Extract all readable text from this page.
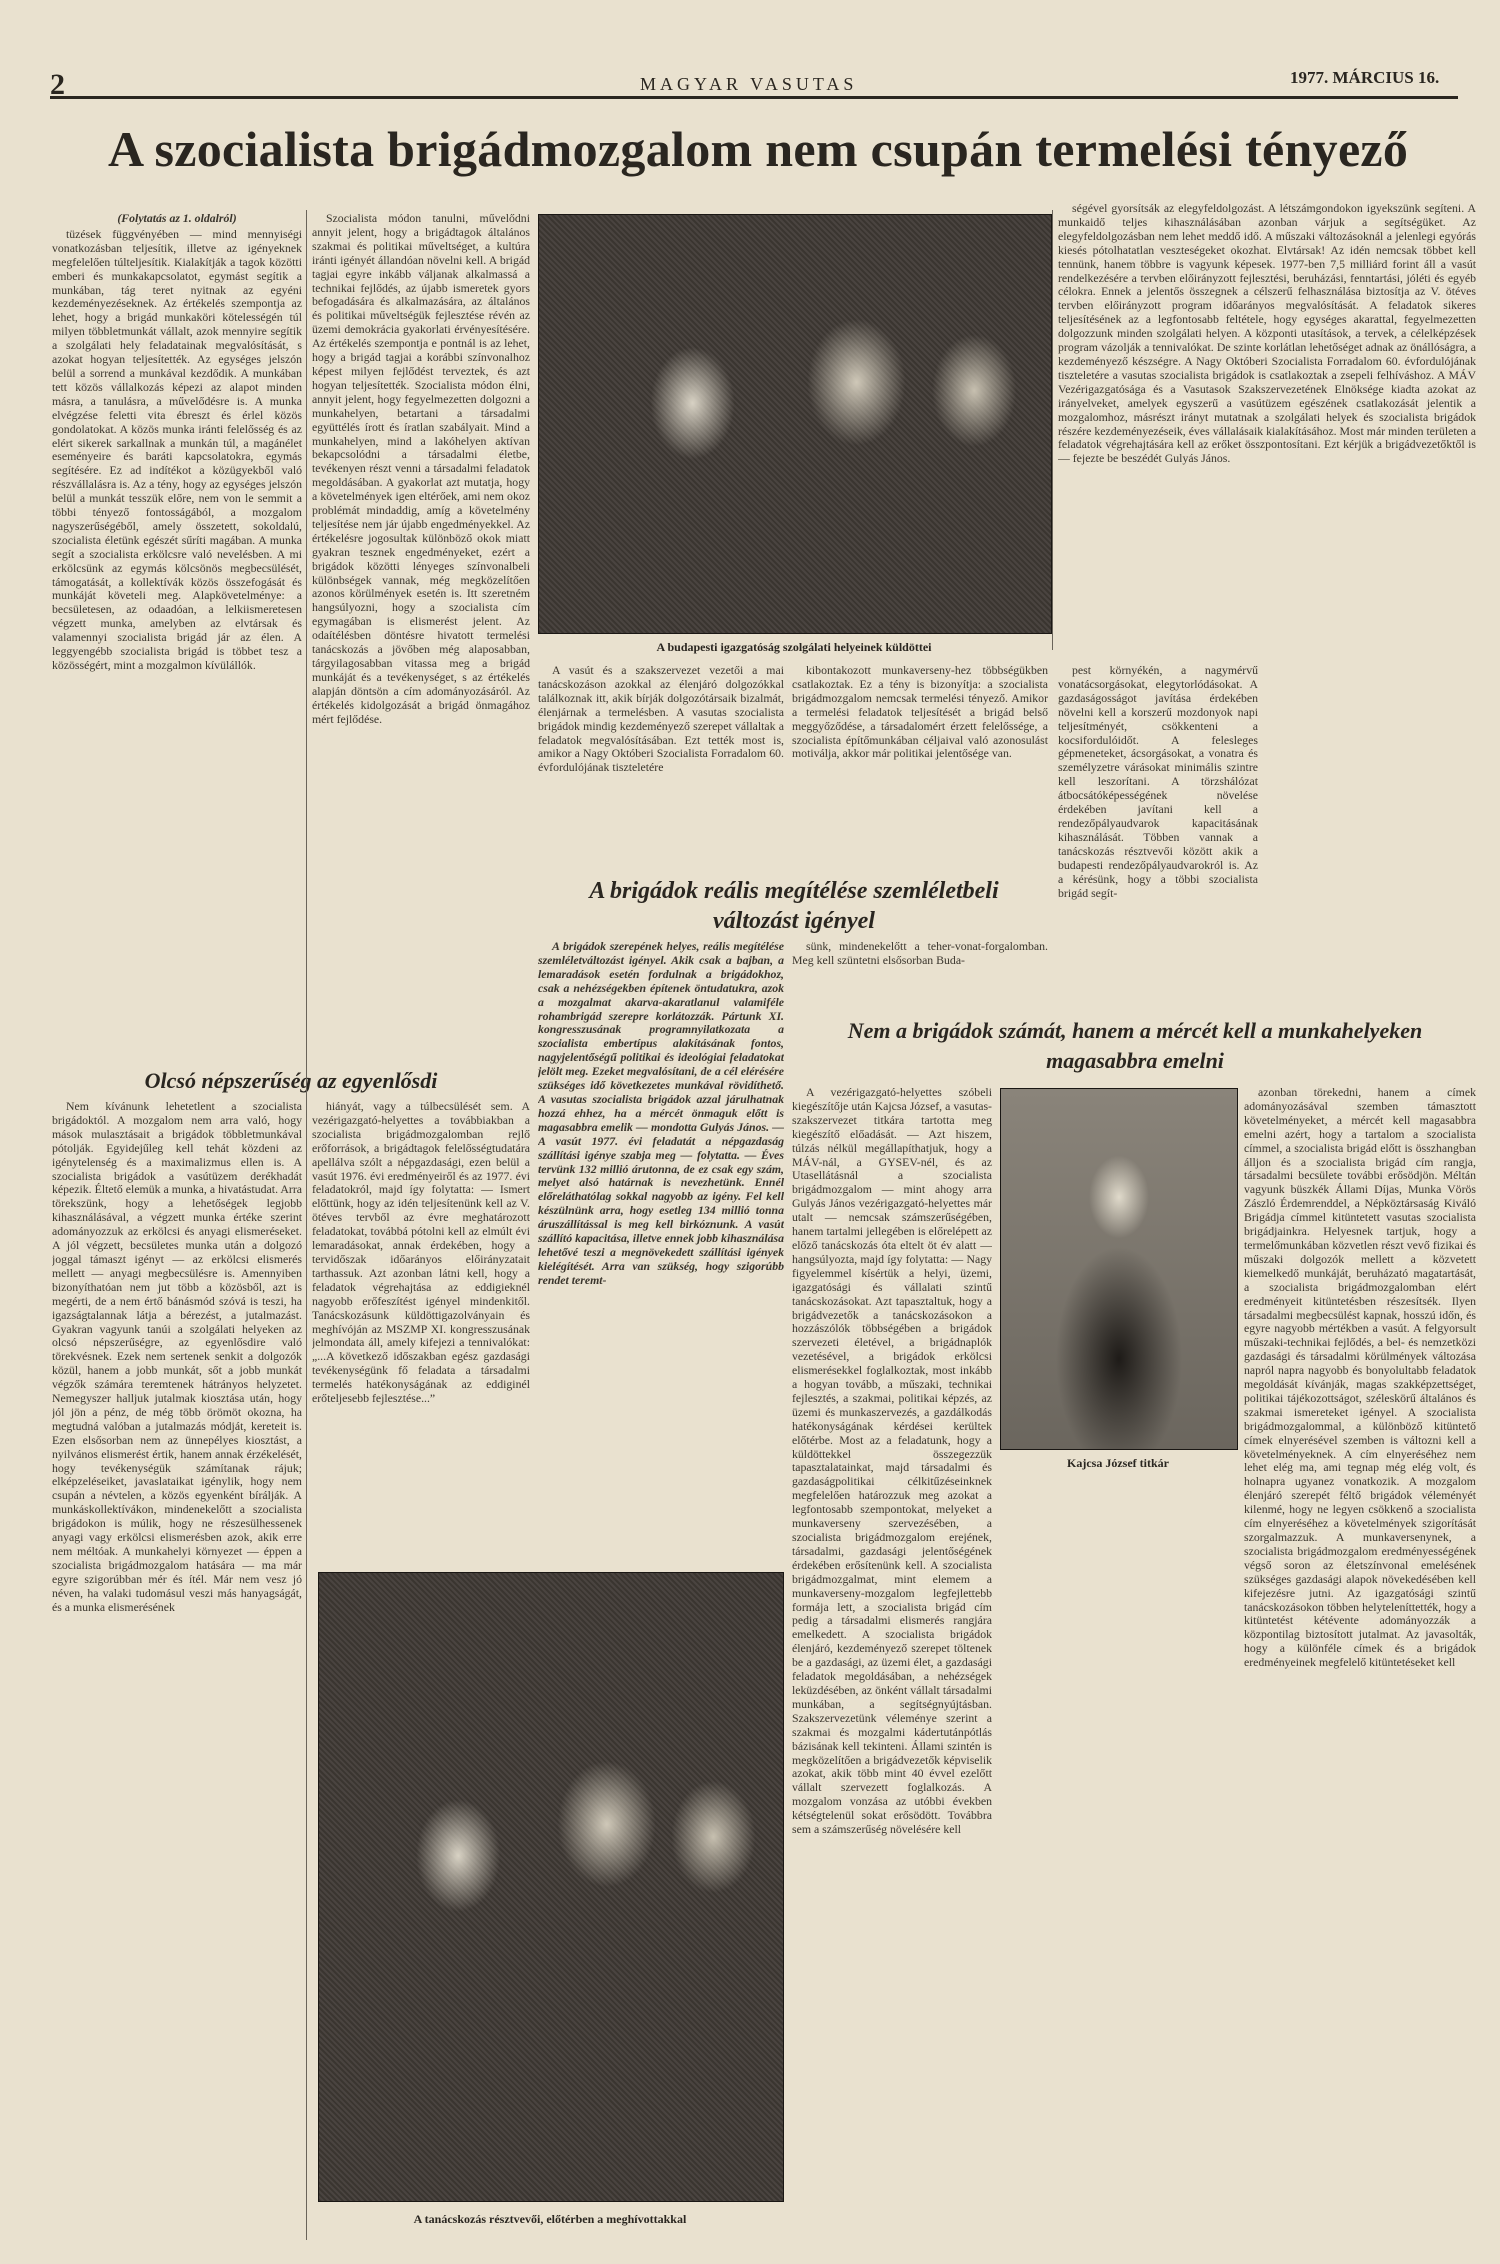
2	MAGYAR VASUTAS	1977. MÁRCIUS 16.
A szocialista brigádmozgalom nem csupán termelési tényező
(Folytatás az 1. oldalról)

tüzések függvényében — mind mennyiségi vonatkozásban teljesítik, illetve az igényeknek megfelelően túlteljesítik. Kialakítják a tagok közötti emberi és munkakapcsolatot, egymást segítik a munkában, tág teret nyitnak az egyéni kezdeményezéseknek. Az értékelés szempontja az lehet, hogy a brigád munkaköri kötelességén túl milyen többletmunkát vállalt, azok mennyire segítik a szolgálati hely feladatainak megvalósítását, s azokat hogyan teljesítették. Az egységes jelszón belül a sorrend a munkával kezdődik. A munkában tett közös vállalkozás képezi az alapot minden másra, a tanulásra, a művelődésre is. A munka elvégzése feletti vita ébreszt és érlel közös gondolatokat. A közös munka iránti felelősség és az elért sikerek sarkallnak a munkán túl, a magánélet eseményeire és baráti kapcsolatokra, egymás segítésére. Ez ad indítékot a közügyekből való részvállalásra is. Az a tény, hogy az egységes jelszón belül a munkát tesszük előre, nem von le semmit a többi tényező fontosságából, a mozgalom nagyszerűségéből, amely összetett, sokoldalú, szocialista életünk egészét sűríti magában. A munka segít a szocialista erkölcsre való nevelésben. A mi erkölcsünk az egymás kölcsönös megbecsülését, támogatását, a kollektívák közös összefogását és munkáját követeli meg. Alapkövetelménye: a becsületesen, az odaadóan, a lelkiismeretesen végzett munka, amelyben az elvtársak és valamennyi szocialista brigád jár az élen. A leggyengébb szocialista brigád is többet tesz a közösségért, mint a mozgalmon kívülállók.

Szocialista módon tanulni, művelődni annyit jelent, hogy a brigádtagok általános szakmai és politikai műveltséget, a kultúra iránti igényét állandóan növelni kell. A brigád tagjai egyre inkább váljanak alkalmassá a technikai fejlődés, az újabb ismeretek gyors befogadására és alkalmazására, az általános és politikai műveltségük fejlesztése révén az üzemi demokrácia gyakorlati érvényesítésére. Az értékelés szempontja e pontnál is az lehet, hogy a brigád tagjai a korábbi színvonalhoz képest milyen fejlődést terveztek, és azt hogyan teljesítették. Szocialista módon élni, annyit jelent, hogy fegyelmezetten dolgozni a munkahelyen, betartani a társadalmi együttélés írott és íratlan szabályait. Mind a munkahelyen, mind a lakóhelyen aktívan bekapcsolódni a társadalmi életbe, tevékenyen részt venni a társadalmi feladatok megoldásában. A gyakorlat azt mutatja, hogy a követelmények igen eltérőek, ami nem okoz problémát mindaddig, amíg a követelmény teljesítése nem jár újabb engedményekkel. Az értékelésre jogosultak különböző okok miatt gyakran tesznek engedményeket, ezért a brigádok közötti lényeges színvonalbeli különbségek vannak, még megközelítően azonos körülmények esetén is. Itt szeretném hangsúlyozni, hogy a szocialista cím egymagában is elismerést jelent. Az odaítélésben döntésre hivatott termelési tanácskozás a jövőben még alaposabban, tárgyilagosabban vitassa meg a brigád munkáját és a tevékenységet, s az értékelés alapján döntsön a cím adományozásáról. Az értékelés kidolgozását a brigád önmagához mért fejlődése.

A budapesti igazgatóság szolgálati helyeinek küldöttei

ségével gyorsítsák az elegyfeldolgozást. A létszámgondokon igyekszünk segíteni. A munkaidő teljes kihasználásában azonban várjuk a segítségüket. Az elegyfeldolgozásban nem lehet meddő idő. A műszaki változásoknál a jelenlegi egyórás kiesés pótolhatatlan veszteségeket okozhat. Elvtársak! Az idén nemcsak többet kell tennünk, hanem többre is vagyunk képesek. 1977-ben 7,5 milliárd forint áll a vasút rendelkezésére a tervben előirányzott fejlesztési, beruházási, fenntartási, jóléti és egyéb célokra. Ennek a jelentős összegnek a célszerű felhasználása biztosítja az V. ötéves tervben előirányzott program időarányos megvalósítását. A feladatok sikeres teljesítésének az a legfontosabb feltétele, hogy egységes akarattal, fegyelmezetten dolgozzunk minden szolgálati helyen. A központi utasítások, a tervek, a célelképzések program vázolják a tennivalókat. De szinte korlátlan lehetőséget adnak az önállóságra, a kezdeményező készségre. A Nagy Októberi Szocialista Forradalom 60. évfordulójának tiszteletére a vasutas szocialista brigádok is csatlakoztak a zsepeli felhíváshoz. A MÁV Vezérigazgatósága és a Vasutasok Szakszervezetének Elnöksége kiadta azokat az irányelveket, amelyek egyszerű a vasútüzem egészének csatlakozását jelentik a mozgalomhoz, másrészt irányt mutatnak a szolgálati helyek és szocialista brigádok részére kezdeményezéseik, éves vállalásaik kialakításához. Most már minden területen a feladatok végrehajtására kell az erőket összpontosítani. Ezt kérjük a brigádvezetőktől is — fejezte be beszédét Gulyás János.

A vasút és a szakszervezet vezetői a mai tanácskozáson azokkal az élenjáró dolgozókkal találkoznak itt, akik bírják dolgozótársaik bizalmát, élenjárnak a termelésben. A vasutas szocialista brigádok mindig kezdeményező szerepet vállaltak a feladatok megvalósításában. Ezt tették most is, amikor a Nagy Októberi Szocialista Forradalom 60. évfordulójának tiszteletére

kibontakozott munkaverseny-hez többségükben csatlakoztak. Ez a tény is bizonyítja: a szocialista brigádmozgalom nemcsak termelési tényező. Amikor a termelési feladatok teljesítését a brigád belső meggyőződése, a társadalomért érzett felelőssége, a szocialista építőmunkában céljaival való azonosulást motiválja, akkor már politikai jelentősége van.

A brigádok reális megítélése szemléletbeli
változást igényel

pest környékén, a nagymérvű vonatácsorgásokat, elegytorlódásokat. A gazdaságosságot javítása érdekében növelni kell a korszerű mozdonyok napi teljesítményét, csökkenteni a kocsifordulóidőt. A felesleges gépmeneteket, ácsorgásokat, a vonatra és személyzetre várásokat minimális szintre kell leszorítani. A törzshálózat átbocsátóképességének növelése érdekében javítani kell a rendezőpályaudvarok kapacitásának kihasználását. Többen vannak a tanácskozás résztvevői között akik a budapesti rendezőpályaudvarokról is. Az a kérésünk, hogy a többi szocialista brigád segít-

Olcsó népszerűség az egyenlősdi

Nem kívánunk lehetetlent a szocialista brigádoktól. A mozgalom nem arra való, hogy mások mulasztásait a brigádok többletmunkával pótolják. Egyidejűleg kell tehát közdeni az igénytelenség és a maximalizmus ellen is. A szocialista brigádok a vasútüzem derékhadát képezik. Éltető elemük a munka, a hivatástudat. Arra törekszünk, hogy a lehetőségek legjobb kihasználásával, a végzett munka értéke szerint adományozzuk az erkölcsi és anyagi elismeréseket. A jól végzett, becsületes munka után a dolgozó joggal támaszt igényt — az erkölcsi elismerés mellett — anyagi megbecsülésre is. Amennyiben bizonyíthatóan nem jut több a közösből, azt is megérti, de a nem értő bánásmód szóvá is teszi, ha igazságtalannak látja a bérezést, a jutalmazást. Gyakran vagyunk tanúi a szolgálati helyeken az olcsó népszerűségre, az egyenlősdire való törekvésnek. Ezek nem sertenek senkit a dolgozók közül, hanem a jobb munkát, sőt a jobb munkát végzők számára teremtenek hátrányos helyzetet. Nemegyszer halljuk jutalmak kiosztása után, hogy jól jön a pénz, de még több örömöt okozna, ha megtudná valóban a jutalmazás módját, kereteit is. Ezen elsősorban nem az ünnepélyes kiosztást, a nyilvános elismerést értik, hanem annak érzékelését, hogy tevékenységük számítanak rájuk; elképzeléseiket, javaslataikat igénylik, hogy nem csupán a névtelen, a közös egyenként bírálják. A munkáskollektívákon, mindenekelőtt a szocialista brigádokon is múlik, hogy ne részesülhessenek anyagi vagy erkölcsi elismerésben azok, akik erre nem méltóak. A munkahelyi környezet — éppen a szocialista brigádmozgalom hatására — ma már egyre szigorúbban mér és ítél. Már nem vesz jó néven, ha valaki tudomásul veszi más hanyagságát, és a munka elismerésének

hiányát, vagy a túlbecsülését sem. A vezérigazgató-helyettes a továbbiakban a szocialista brigádmozgalomban rejlő erőforrások, a brigádtagok felelősségtudatára apellálva szólt a népgazdasági, ezen belül a vasút 1976. évi eredményeiről és az 1977. évi feladatokról, majd így folytatta: — Ismert előttünk, hogy az idén teljesítenünk kell az V. ötéves tervből az évre meghatározott feladatokat, továbbá pótolni kell az elmúlt évi lemaradásokat, annak érdekében, hogy a tervidőszak időarányos előirányzatait tarthassuk. Azt azonban látni kell, hogy a feladatok végrehajtása az eddigieknél nagyobb erőfeszítést igényel mindenkitől. Tanácskozásunk küldöttigazolványain és meghívóján az MSZMP XI. kongresszusának jelmondata áll, amely kifejezi a tennivalókat: „...A következő időszakban egész gazdasági tevékenységünk fő feladata a társadalmi termelés hatékonyságának az eddiginél erőteljesebb fejlesztése...”

A brigádok szerepének helyes, reális megítélése szemléletváltozást igényel. Akik csak a bajban, a lemaradások esetén fordulnak a brigádokhoz, csak a nehézségekben építenek öntudatukra, azok a mozgalmat akarva-akaratlanul valamiféle rohambrigád szerepre korlátozzák. Pártunk XI. kongresszusának programnyilatkozata a szocialista embertípus alakításának fontos, nagyjelentőségű politikai és ideológiai feladatokat jelölt meg. Ezeket megvalósítani, de a cél elérésére szükséges idő következetes munkával rövidíthető. A vasutas szocialista brigádok azzal járulhatnak hozzá ehhez, ha a mércét önmaguk előtt is magasabbra emelik — mondotta Gulyás János. — A vasút 1977. évi feladatát a népgazdaság szállítási igénye szabja meg — folytatta. — Éves tervünk 132 millió árutonna, de ez csak egy szám, melyet alsó határnak is nevezhetünk. Ennél előreláthatólag sokkal nagyobb az igény. Fel kell készülnünk arra, hogy esetleg 134 millió tonna áruszállítással is meg kell birkóznunk. A vasút szállító kapacitása, illetve ennek jobb kihasználása lehetővé teszi a megnövekedett szállítási igények kielégítését. Arra van szükség, hogy szigorúbb rendet teremt-

sünk, mindenekelőtt a teher-vonat-forgalomban. Meg kell szüntetni elsősorban Buda-

Nem a brigádok számát, hanem a mércét kell a munkahelyeken
magasabbra emelni
Kajcsa József titkár

A vezérigazgató-helyettes szóbeli kiegészítője után Kajcsa József, a vasutas-szakszervezet titkára tartotta meg kiegészítő előadását. — Azt hiszem, túlzás nélkül megállapíthatjuk, hogy a MÁV-nál, a GYSEV-nél, és az Utasellátásnál a szocialista brigádmozgalom — mint ahogy arra Gulyás János vezérigazgató-helyettes már utalt — nemcsak számszerűségében, hanem tartalmi jellegében is előrelépett az előző tanácskozás óta eltelt öt év alatt — hangsúlyozta, majd így folytatta: — Nagy figyelemmel kísértük a helyi, üzemi, igazgatósági és vállalati szintű tanácskozásokat. Azt tapasztaltuk, hogy a brigádvezetők a tanácskozásokon a hozzászólók többségében a brigádok szervezeti életével, a brigádnaplók vezetésével, a brigádok erkölcsi elismerésekkel foglalkoztak, most inkább a hogyan tovább, a műszaki, technikai fejlesztés, a szakmai, politikai képzés, az üzemi és munkaszervezés, a gazdálkodás hatékonyságának kérdései kerültek előtérbe. Most az a feladatunk, hogy a küldöttekkel összegezzük tapasztalatainkat, majd társadalmi és gazdaságpolitikai célkitűzéseinknek megfelelően határozzuk meg azokat a legfontosabb szempontokat, melyeket a munkaverseny szervezésében, a szocialista brigádmozgalom erejének, társadalmi, gazdasági jelentőségének érdekében erősítenünk kell. A szocialista brigádmozgalmat, mint elemem a munkaverseny-mozgalom legfejlettebb formája lett, a szocialista brigád cím pedig a társadalmi elismerés rangjára emelkedett. A szocialista brigádok élenjáró, kezdeményező szerepet töltenek be a gazdasági, az üzemi élet, a gazdasági feladatok megoldásában, a nehézségek leküzdésében, az önként vállalt társadalmi munkában, a segítségnyújtásban. Szakszervezetünk véleménye szerint a szakmai és mozgalmi kádertutánpótlás bázisának kell tekinteni. Állami szintén is megközelítően a brigádvezetők képviselik azokat, akik több mint 40 évvel ezelőtt vállalt szervezett foglalkozás. A mozgalom vonzása az utóbbi években kétségtelenül sokat erősödött. Továbbra sem a számszerűség növelésére kell

azonban törekedni, hanem a címek adományozásával szemben támasztott követelményeket, a mércét kell magasabbra emelni azért, hogy a tartalom a szocialista címmel, a szocialista brigád előtt is összhangban álljon és a szocialista brigád cím rangja, társadalmi becsülete további erősödjön. Méltán vagyunk büszkék Állami Díjas, Munka Vörös Zászló Érdemrenddel, a Népköztársaság Kiváló Brigádja címmel kitüntetett vasutas szocialista brigádjainkra. Helyesnek tartjuk, hogy a termelőmunkában közvetlen részt vevő fizikai és műszaki dolgozók mellett a közvetett kiemelkedő munkáját, beruházató magatartását, a szocialista brigádmozgalomban elért eredményeit kitüntetésben részesítsék. Ilyen társadalmi megbecsülést kapnak, hosszú időn, és egyre nagyobb mértékben a vasút. A felgyorsult műszaki-technikai fejlődés, a bel- és nemzetközi gazdasági és társadalmi körülmények változása napról napra nagyobb és bonyolultabb feladatok megoldását kívánják, magas szakképzettséget, politikai tájékozottságot, széleskörű általános és szakmai ismereteket igényel. A szocialista brigádmozgalommal, a különböző kitüntető címek elnyerésével szemben is változni kell a követelményeknek. A cím elnyeréséhez nem lehet elég ma, ami tegnap még elég volt, és holnapra ugyanez vonatkozik. A mozgalom élenjáró szerepét féltő brigádok véleményét kilenmé, hogy ne legyen csökkenő a szocialista cím elnyeréséhez a követelmények szigorítását szorgalmazzuk. A munkaversenynek, a szocialista brigádmozgalom eredményességének végső soron az életszínvonal emelésének szükséges gazdasági alapok növekedésében kell kifejezésre jutni. Az igazgatósági szintű tanácskozásokon többen helyteleníttették, hogy a kitüntetést kétévente adományozzák a központilag biztosított jutalmat. Az javasolták, hogy a különféle címek és a brigádok eredményeinek megfelelő kitüntetéseket kell

A tanácskozás résztvevői, előtérben a meghívottakkal
